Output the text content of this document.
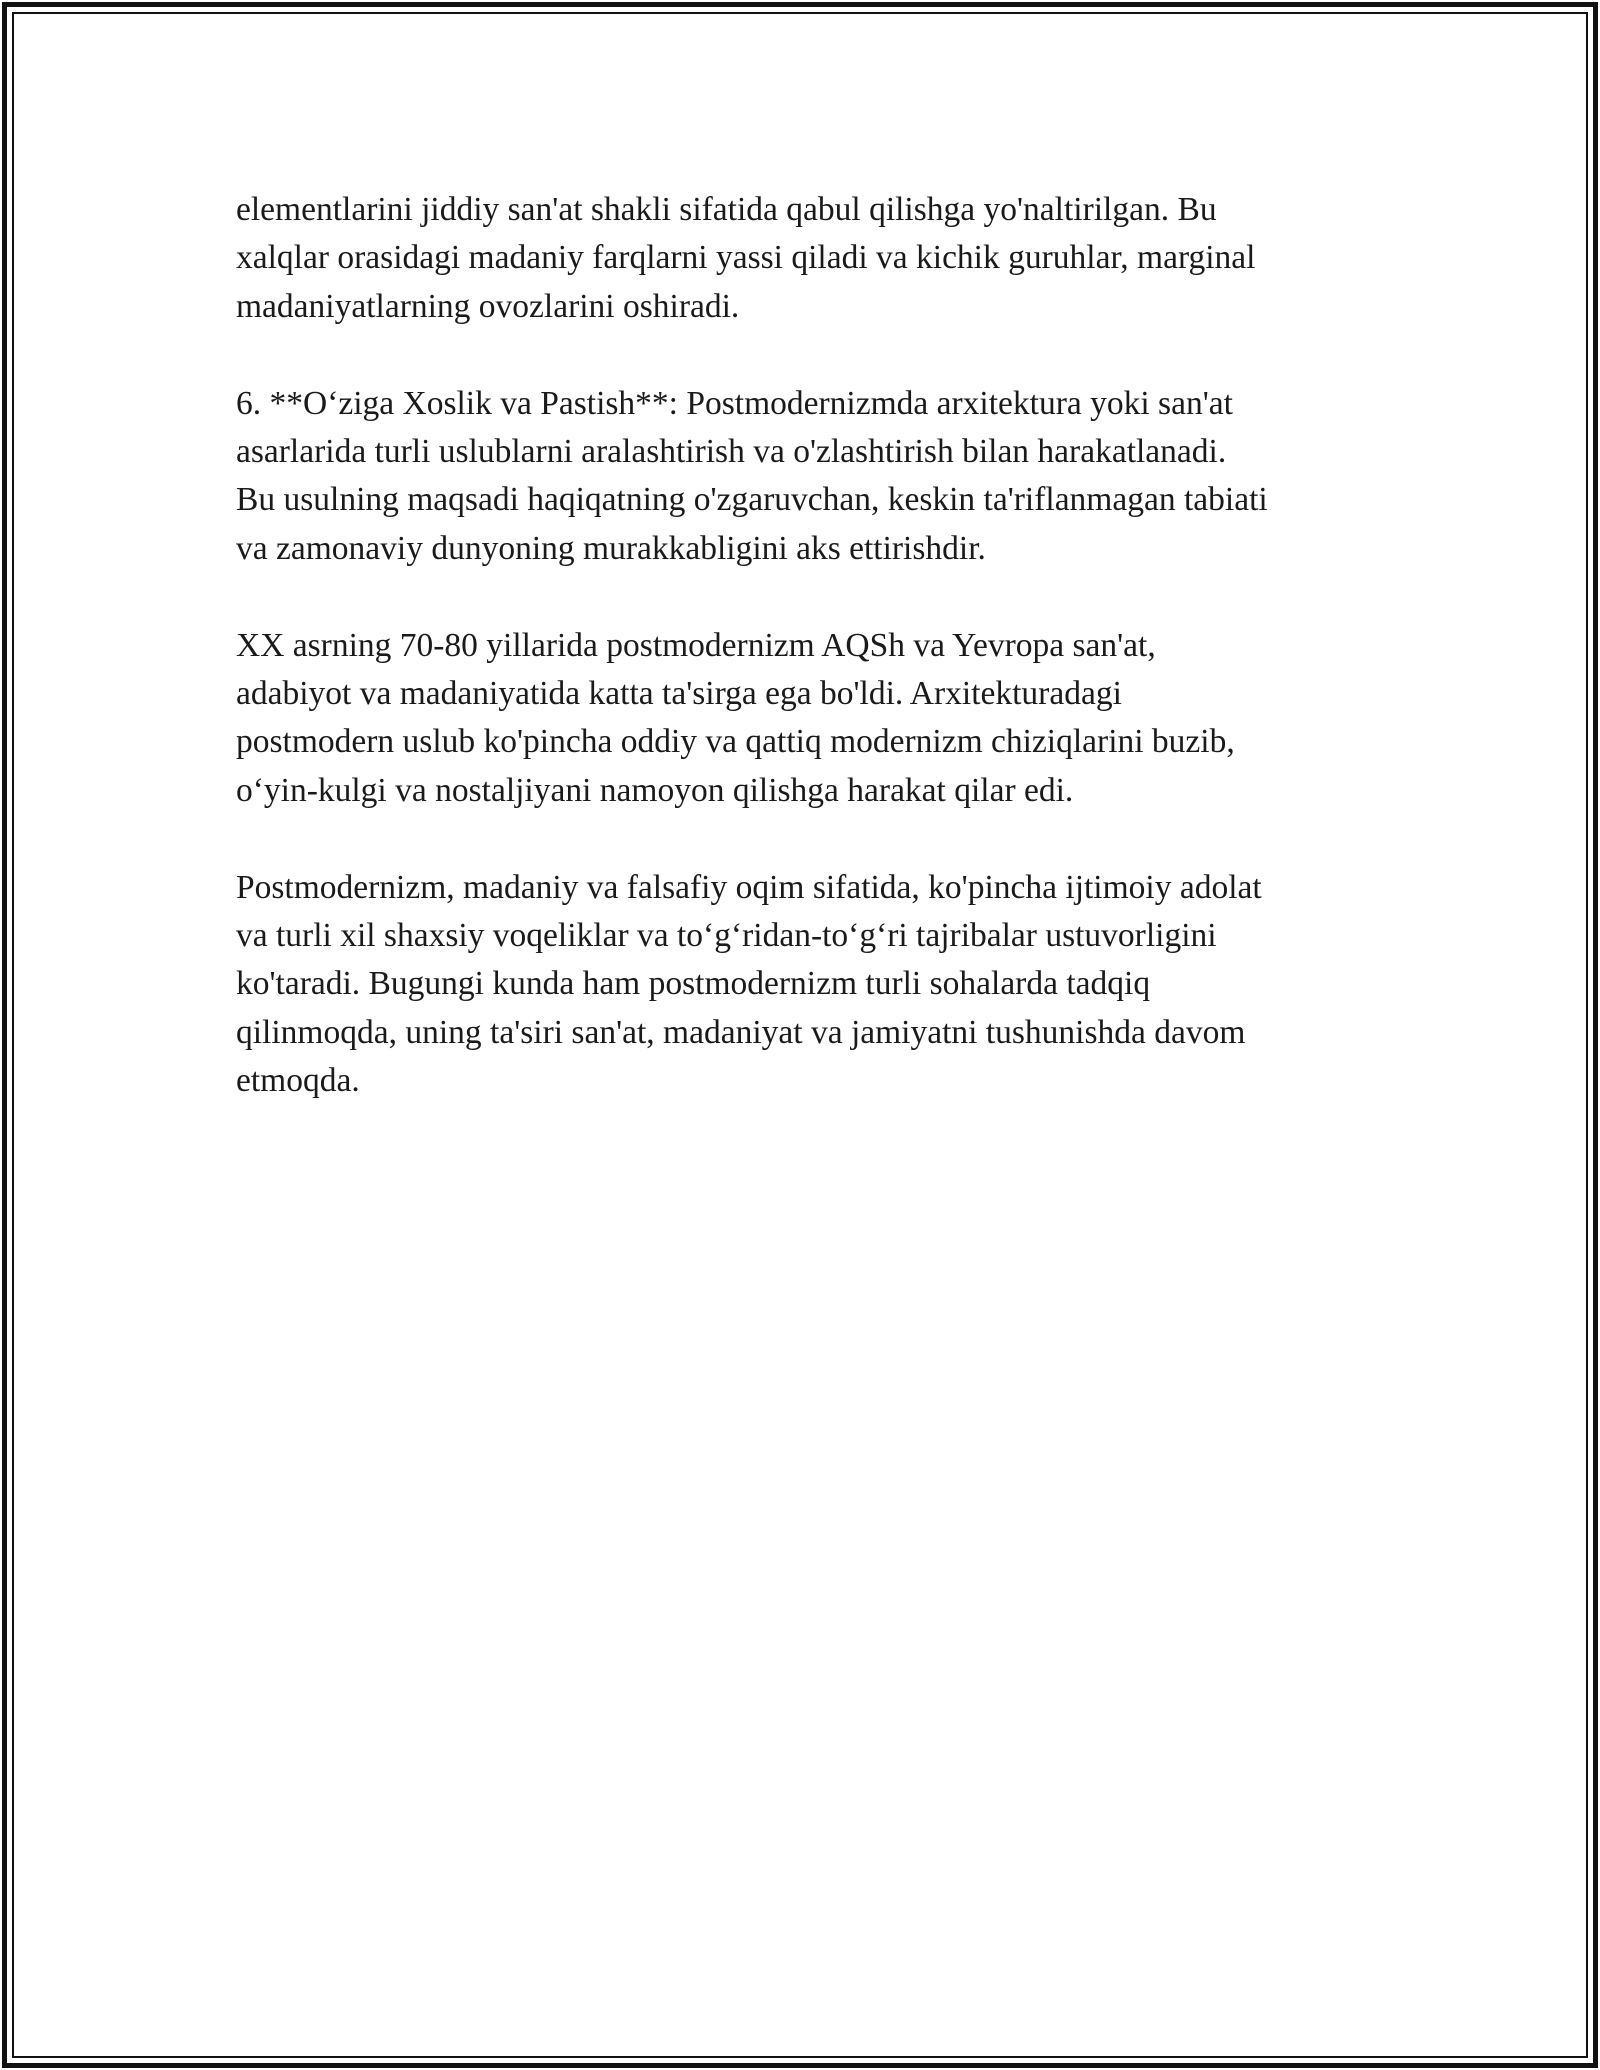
elementlarini jiddiy san'at shakli sifatida qabul qilishga yo'naltirilgan. Bu
xalqlar orasidagi madaniy farqlarni yassi qiladi va kichik guruhlar, marginal
madaniyatlarning ovozlarini oshiradi.

6. **O‘ziga Xoslik va Pastish**: Postmodernizmda arxitektura yoki san'at
asarlarida turli uslublarni aralashtirish va o'zlashtirish bilan harakatlanadi.
Bu usulning maqsadi haqiqatning o'zgaruvchan, keskin ta'riflanmagan tabiati
va zamonaviy dunyoning murakkabligini aks ettirishdir.

XX asrning 70-80 yillarida postmodernizm AQSh va Yevropa san'at,
adabiyot va madaniyatida katta ta'sirga ega bo'ldi. Arxitekturadagi
postmodern uslub ko'pincha oddiy va qattiq modernizm chiziqlarini buzib,
o‘yin-kulgi va nostaljiyani namoyon qilishga harakat qilar edi.

Postmodernizm, madaniy va falsafiy oqim sifatida, ko'pincha ijtimoiy adolat
va turli xil shaxsiy voqeliklar va to‘g‘ridan-to‘g‘ri tajribalar ustuvorligini
ko'taradi. Bugungi kunda ham postmodernizm turli sohalarda tadqiq
qilinmoqda, uning ta'siri san'at, madaniyat va jamiyatni tushunishda davom
etmoqda.
